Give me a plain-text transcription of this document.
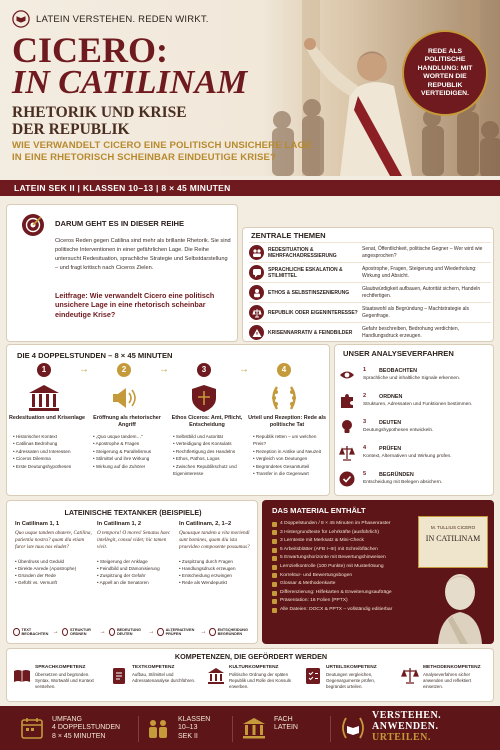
LATEIN VERSTEHEN. REDEN WIRKT.
CICERO:
IN CATILINAM
RHETORIK UND KRISE
DER REPUBLIK
WIE VERWANDELT CICERO EINE POLITISCH UNSICHERE LAGE IN EINE RHETORISCH SCHEINBAR EINDEUTIGE KRISE?
REDE ALS POLITISCHE HANDLUNG: MIT WORTEN DIE REPUBLIK VERTEIDIGEN.
LATEIN SEK II | KLASSEN 10–13 | 8 × 45 MINUTEN
DARUM GEHT ES IN DIESER REIHE

Ciceros Reden gegen Catilina sind mehr als brillante Rhetorik. Sie sind politische Interventionen in einer gefährlichen Lage. Die Reihe untersucht Redesituation, sprachliche Strategie und Selbstdarstellung – und fragt kritisch nach Ciceros Zielen.

Leitfrage: Wie verwandelt Cicero eine politisch unsichere Lage in eine rhetorisch scheinbar eindeutige Krise?
ZENTRALE THEMEN
REDESITUATION & MEHRFACHADRESSIERUNG
Senat, Öffentlichkeit, politische Gegner – Wer wird wie angesprochen?
SPRACHLICHE ESKALATION & STILMITTEL
Apostrophe, Fragen, Steigerung und Wiederholung: Wirkung und Absicht.
ETHOS & SELBSTINSZENIERUNG
Glaubwürdigkeit aufbauen, Autorität sichern, Handeln rechtfertigen.
REPUBLIK ODER EIGENINTERESSE?
Staatswohl als Begründung – Machtstrategie als Gegenfrage.
KRISENNARRATIV & FEINDBILDER
Gefahr beschreiben, Bedrohung verdichten, Handlungsdruck erzeugen.
DIE 4 DOPPELSTUNDEN – 8 × 45 MINUTEN
1
Redesituation und Krisenlage
• Historischer Kontext
• Catilinas Bedrohung
• Adressaten und Interessen
• Ciceros Dilemma
• Erste Deutungshypothesen
→	2
Eröffnung als rhetorischer Angriff
• „Quo usque tandem…“
• Apostrophe & Fragen
• Steigerung & Parallelismus
• Stilmittel und ihre Wirkung
• Wirkung auf die Zuhörer
→	3
Ethos Ciceros: Amt, Pflicht, Entscheidung
• Selbstbild und Autorität
• Verteidigung des Konsulats
• Rechtfertigung des Handelns
• Ethos, Pathos, Logos
• Zwischen Republikschutz und Eigeninteresse
→	4
Urteil und Rezeption: Rede als politische Tat
• Republik retten – um welchen Preis?
• Rezeption in Antike und Neuzeit
• Vergleich von Deutungen
• Begründetes Gesamturteil
• Transfer in die Gegenwart
UNSER ANALYSEVERFAHREN
1 BEOBACHTEN
Sprachliche und inhaltliche Signale erkennen.
2 ORDNEN
Strukturen, Adressaten und Funktionen bestimmen.
3 DEUTEN
Deutungshypothesen entwickeln.
4 PRÜFEN
Kontext, Alternativen und Wirkung prüfen.
5 BEGRÜNDEN
Entscheidung mit Belegen absichern.
LATEINISCHE TEXTANKER (BEISPIELE)
In Catilinam 1, 1
Quo usque tandem abutere, Catilina, patientia nostra? quam diu etiam furor iste tuus nos eludet?
• Überdruss und Geduld
• Direkte Anrede (Apostrophe)
• Gründen der Rede
• Gefühl vs. Vernunft
In Catilinam 1, 2
O tempora! O mores! Senatus haec intellegit, consul videt; hic tamen vivit.
• Steigerung der Anklage
• Feindbild und Dämonisierung
• Zuspitzung der Gefahr
• Appell an die Senatoren
In Catilinam, 2, 1–2
Quousque tandem a vita moriendi sunt homines, quam diu ista praevideo composente possumus?
• Zuspitzung durch Fragen
• Handlungsdruck erzeugen
• Entscheidung erzwingen
• Rede als Wendepunkt
TEXT BEOBACHTEN →	STRUKTUR ORDNEN	→	BEDEUTUNG DEUTEN	→	ALTERNATIVEN PRÜFEN	→	ENTSCHEIDUNG BEGRÜNDEN
DAS MATERIAL ENTHÄLT
4 Doppelstunden / 8 × 45 Minuten im Phasenraster
3 Hintergrundtexte für Lehrkräfte (ausführlich)
3 Lernteste mit Merksatz & Mini-Check
5 Arbeitsblätter (AFB I–III) mit Schreibflächen
5 Erwartungshorizonte mit Bewertungshinweisen
Lernzielkontrolle (100 Punkte) mit Musterlösung
Korrektur- und Bewertungsbogen
Glossar & Methodenkarte
Differenzierung: Hilfekarten & Erweiterungsaufträge
Präsentation: 16 Folien (PPTX)
Alle Dateien: DOCX & PPTX – vollständig editierbar
M. TULLIUS CICERO
IN CATILINAM
KOMPETENZEN, DIE GEFÖRDERT WERDEN
SPRACHKOMPETENZ
Übersetzen und begründen. Syntax, Wortwahl und Kontext verstehen.
TEXTKOMPETENZ
Aufbau, Stilmittel und Adressatenanalyse durchführen.
KULTURKOMPETENZ
Politische Ordnung der späten Republik und Rolle des Konsuls erwerben.
URTEILSKOMPETENZ
Deutungen vergleichen, Gegenargumente prüfen, begründet urteilen.
METHODENKOMPETENZ
Analyseverfahren sicher anwenden und reflektiert einsetzen.
UMFANG
4 DOPPELSTUNDEN
8 × 45 MINUTEN
KLASSEN
10–13
SEK II
FACH
LATEIN
VERSTEHEN.
ANWENDEN.
URTEILEN.
